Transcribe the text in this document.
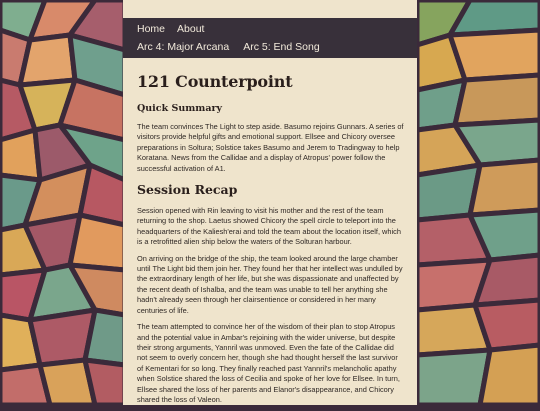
Home About
Arc 4: Major Arcana Arc 5: End Song
121 Counterpoint
Quick Summary

The team convinces The Light to step aside. Basumo rejoins Gunnars. A series of visitors provide helpful gifts and emotional support. Ellsee and Chicory oversee preparations in Soltura; Solstice takes Basumo and Jerem to Tradingway to help Koratana. News from the Callidae and a display of Atropus' power follow the successful activation of A1.

Session Recap

Session opened with Rin leaving to visit his mother and the rest of the team returning to the shop. Laetus showed Chicory the spell circle to teleport into the headquarters of the Kaliesh'erai and told the team about the location itself, which is a retrofitted alien ship below the waters of the Solturan harbour.

On arriving on the bridge of the ship, the team looked around the large chamber until The Light bid them join her. They found her that her intellect was undulled by the extraordinary length of her life, but she was dispassionate and unaffected by the recent death of Ishalba, and the team was unable to tell her anything she hadn't already seen through her clairsentience or considered in her many centuries of life.

The team attempted to convince her of the wisdom of their plan to stop Atropus and the potential value in Ambar's rejoining with the wider universe, but despite their strong arguments, Yannril was unmoved. Even the fate of the Callidae did not seem to overly concern her, though she had thought herself the last survivor of Kementari for so long. They finally reached past Yannril's melancholic apathy when Solstice shared the loss of Cecilia and spoke of her love for Ellsee. In turn, Ellsee shared the loss of her parents and Elanor's disappearance, and Chicory shared the loss of Valeon.
